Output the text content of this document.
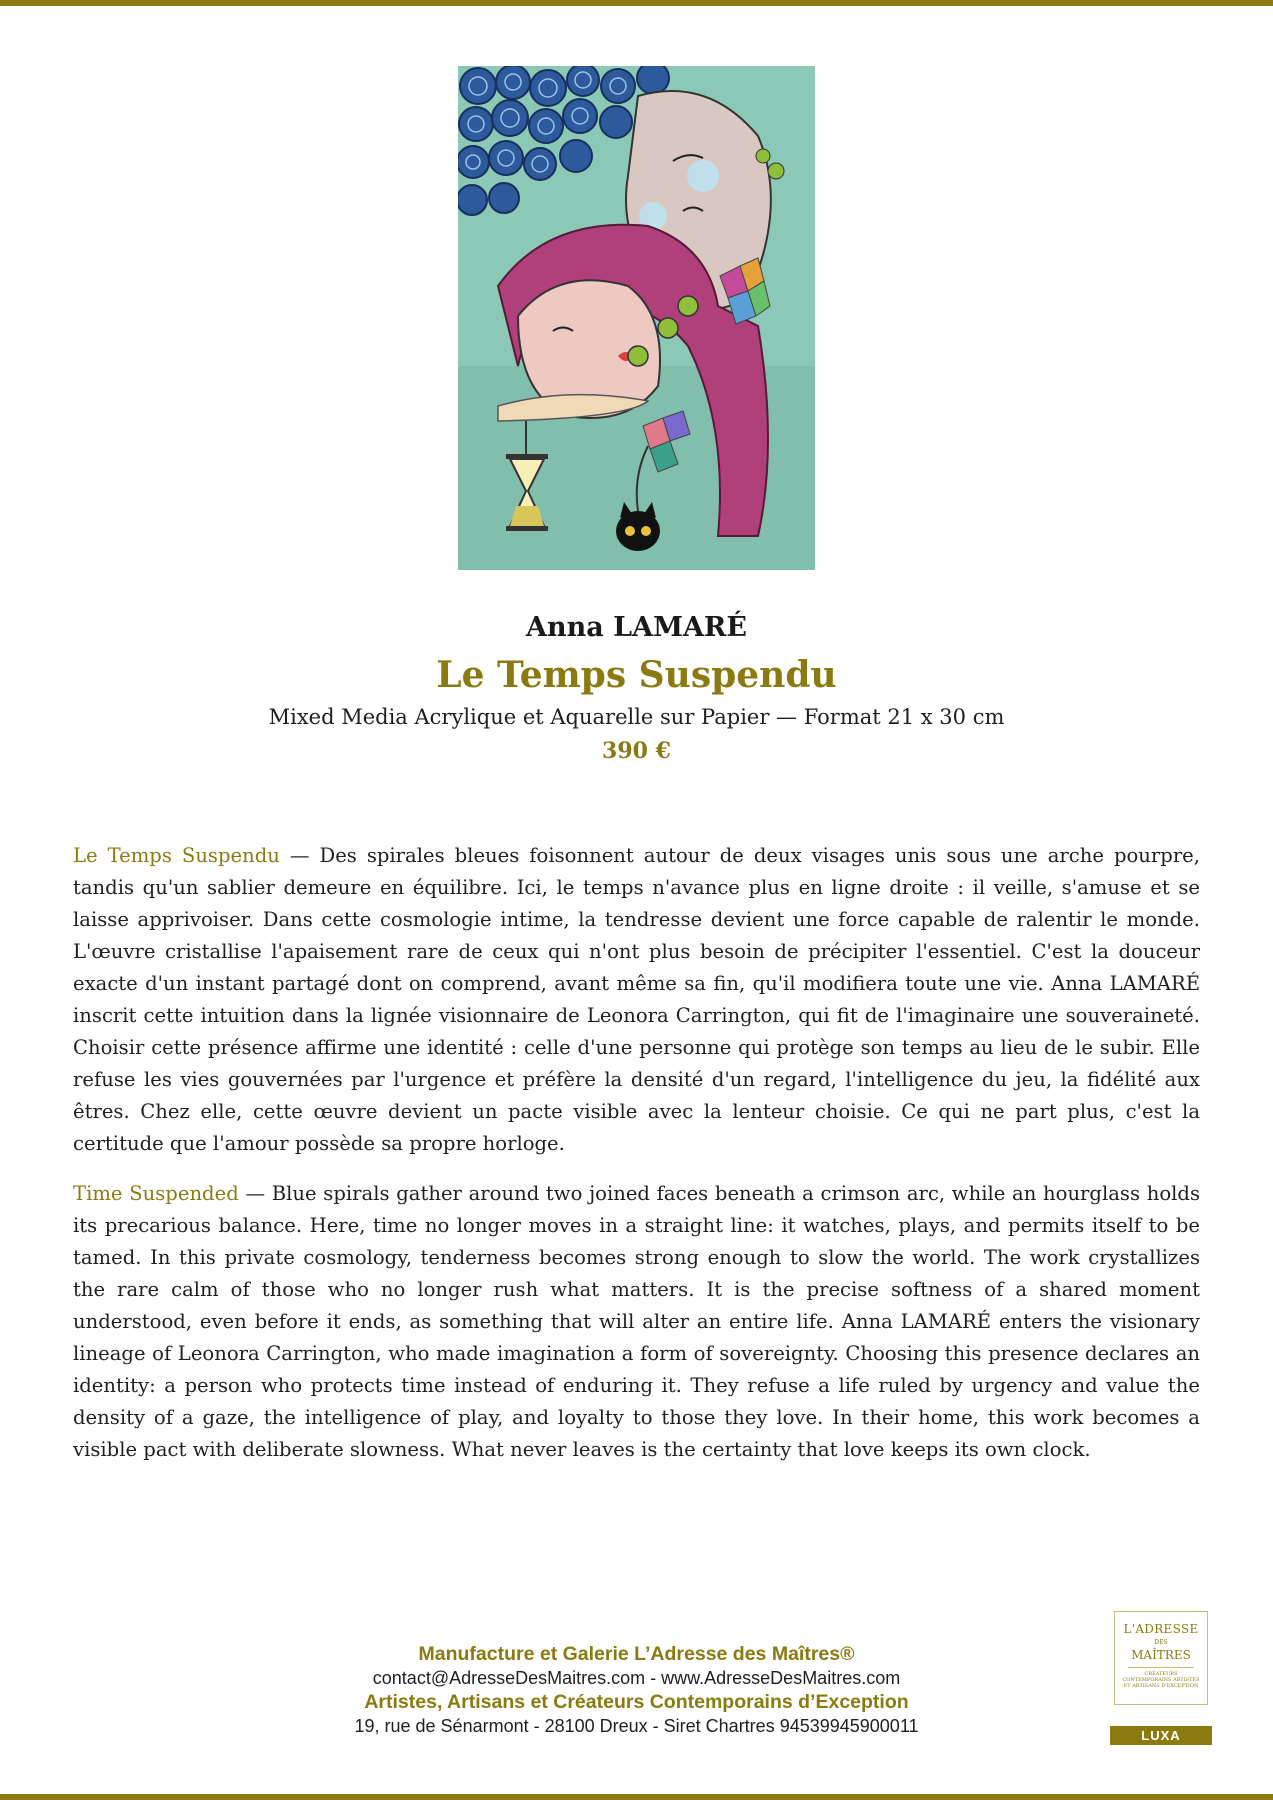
Anna LAMARÉ
Le Temps Suspendu
Mixed Media Acrylique et Aquarelle sur Papier — Format 21 x 30 cm
390 €

Le Temps Suspendu — Des spirales bleues foisonnent autour de deux visages unis sous une arche pourpre, tandis qu'un sablier demeure en équilibre. Ici, le temps n'avance plus en ligne droite : il veille, s'amuse et se laisse apprivoiser. Dans cette cosmologie intime, la tendresse devient une force capable de ralentir le monde. L'œuvre cristallise l'apaisement rare de ceux qui n'ont plus besoin de précipiter l'essentiel. C'est la douceur exacte d'un instant partagé dont on comprend, avant même sa fin, qu'il modifiera toute une vie. Anna LAMARÉ inscrit cette intuition dans la lignée visionnaire de Leonora Carrington, qui fit de l'imaginaire une souveraineté. Choisir cette présence affirme une identité : celle d'une personne qui protège son temps au lieu de le subir. Elle refuse les vies gouvernées par l'urgence et préfère la densité d'un regard, l'intelligence du jeu, la fidélité aux êtres. Chez elle, cette œuvre devient un pacte visible avec la lenteur choisie. Ce qui ne part plus, c'est la certitude que l'amour possède sa propre horloge.

Time Suspended — Blue spirals gather around two joined faces beneath a crimson arc, while an hourglass holds its precarious balance. Here, time no longer moves in a straight line: it watches, plays, and permits itself to be tamed. In this private cosmology, tenderness becomes strong enough to slow the world. The work crystallizes the rare calm of those who no longer rush what matters. It is the precise softness of a shared moment understood, even before it ends, as something that will alter an entire life. Anna LAMARÉ enters the visionary lineage of Leonora Carrington, who made imagination a form of sovereignty. Choosing this presence declares an identity: a person who protects time instead of enduring it. They refuse a life ruled by urgency and value the density of a gaze, the intelligence of play, and loyalty to those they love. In their home, this work becomes a visible pact with deliberate slowness. What never leaves is the certainty that love keeps its own clock.

Manufacture et Galerie L’Adresse des Maîtres®
contact@AdresseDesMaitres.com - www.AdresseDesMaitres.com
Artistes, Artisans et Créateurs Contemporains d’Exception
19, rue de Sénarmont - 28100 Dreux - Siret Chartres 94539945900011
L'ADRESSE
DES
MAÎTRES
CRÉATEURS CONTEMPORAINS ARTISTES ET ARTISANS D'EXCEPTION
LUXA
